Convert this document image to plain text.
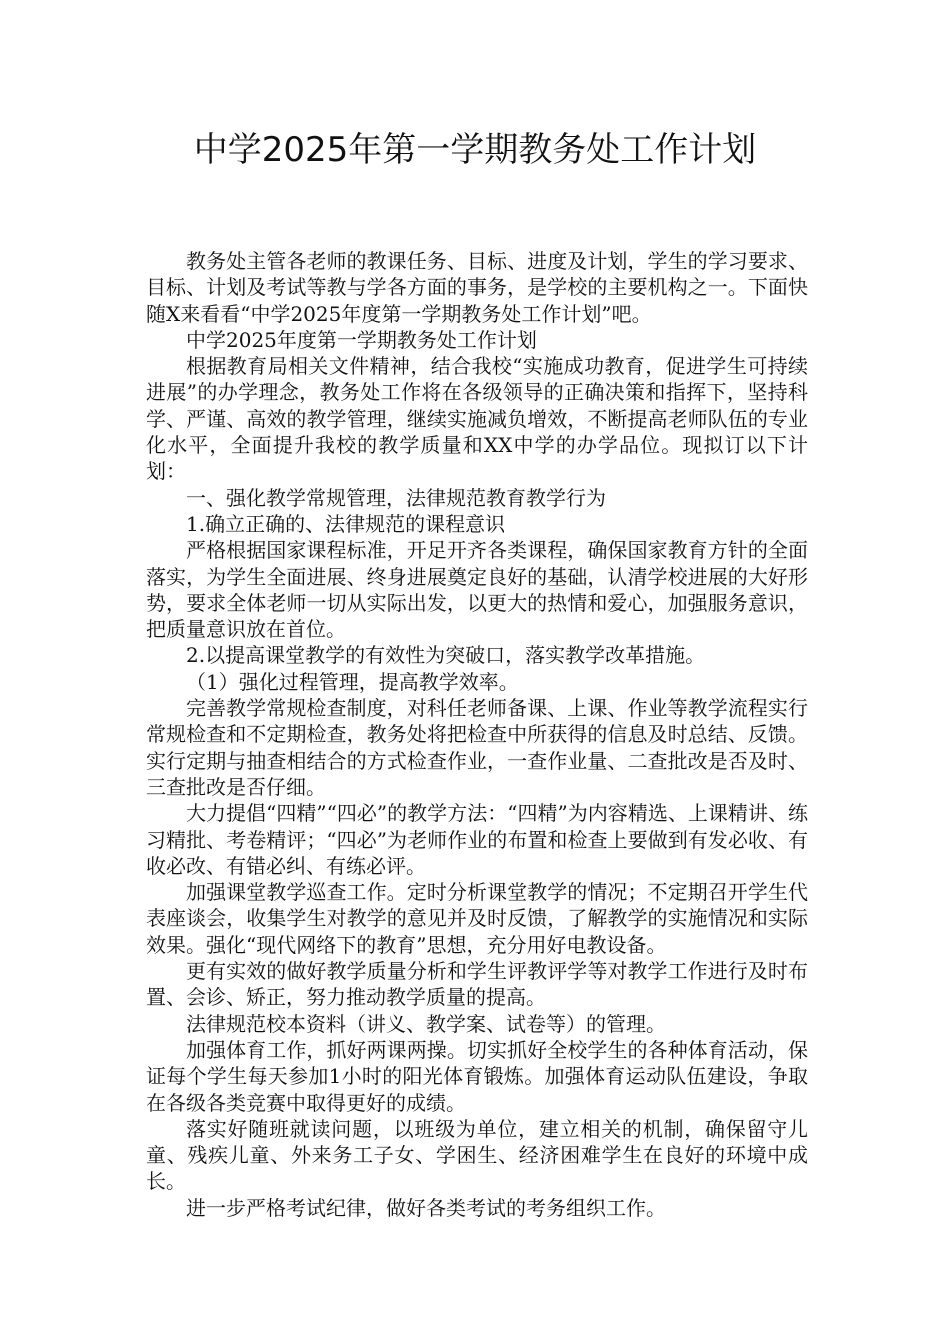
中学2025年第一学期教务处工作计划

教务处主管各老师的教课任务、目标、进度及计划，学生的学习要求、目标、计划及考试等教与学各方面的事务，是学校的主要机构之一。下面快随X来看看“中学2025年度第一学期教务处工作计划”吧。

中学2025年度第一学期教务处工作计划

根据教育局相关文件精神，结合我校“实施成功教育，促进学生可持续进展”的办学理念，教务处工作将在各级领导的正确决策和指挥下，坚持科学、严谨、高效的教学管理，继续实施减负增效，不断提高老师队伍的专业化水平，全面提升我校的教学质量和XX中学的办学品位。现拟订以下计划：

一、强化教学常规管理，法律规范教育教学行为

1.确立正确的、法律规范的课程意识

严格根据国家课程标准，开足开齐各类课程，确保国家教育方针的全面落实，为学生全面进展、终身进展奠定良好的基础，认清学校进展的大好形势，要求全体老师一切从实际出发，以更大的热情和爱心，加强服务意识，把质量意识放在首位。

2.以提高课堂教学的有效性为突破口，落实教学改革措施。

（1）强化过程管理，提高教学效率。

完善教学常规检查制度，对科任老师备课、上课、作业等教学流程实行常规检查和不定期检查，教务处将把检查中所获得的信息及时总结、反馈。实行定期与抽查相结合的方式检查作业，一查作业量、二查批改是否及时、三查批改是否仔细。

大力提倡“四精”“四必”的教学方法：“四精”为内容精选、上课精讲、练习精批、考卷精评；“四必”为老师作业的布置和检查上要做到有发必收、有收必改、有错必纠、有练必评。

加强课堂教学巡查工作。定时分析课堂教学的情况；不定期召开学生代表座谈会，收集学生对教学的意见并及时反馈，了解教学的实施情况和实际效果。强化“现代网络下的教育”思想，充分用好电教设备。

更有实效的做好教学质量分析和学生评教评学等对教学工作进行及时布置、会诊、矫正，努力推动教学质量的提高。

法律规范校本资料（讲义、教学案、试卷等）的管理。

加强体育工作，抓好两课两操。切实抓好全校学生的各种体育活动，保证每个学生每天参加1小时的阳光体育锻炼。加强体育运动队伍建设，争取在各级各类竞赛中取得更好的成绩。

落实好随班就读问题，以班级为单位，建立相关的机制，确保留守儿童、残疾儿童、外来务工子女、学困生、经济困难学生在良好的环境中成长。

进一步严格考试纪律，做好各类考试的考务组织工作。
